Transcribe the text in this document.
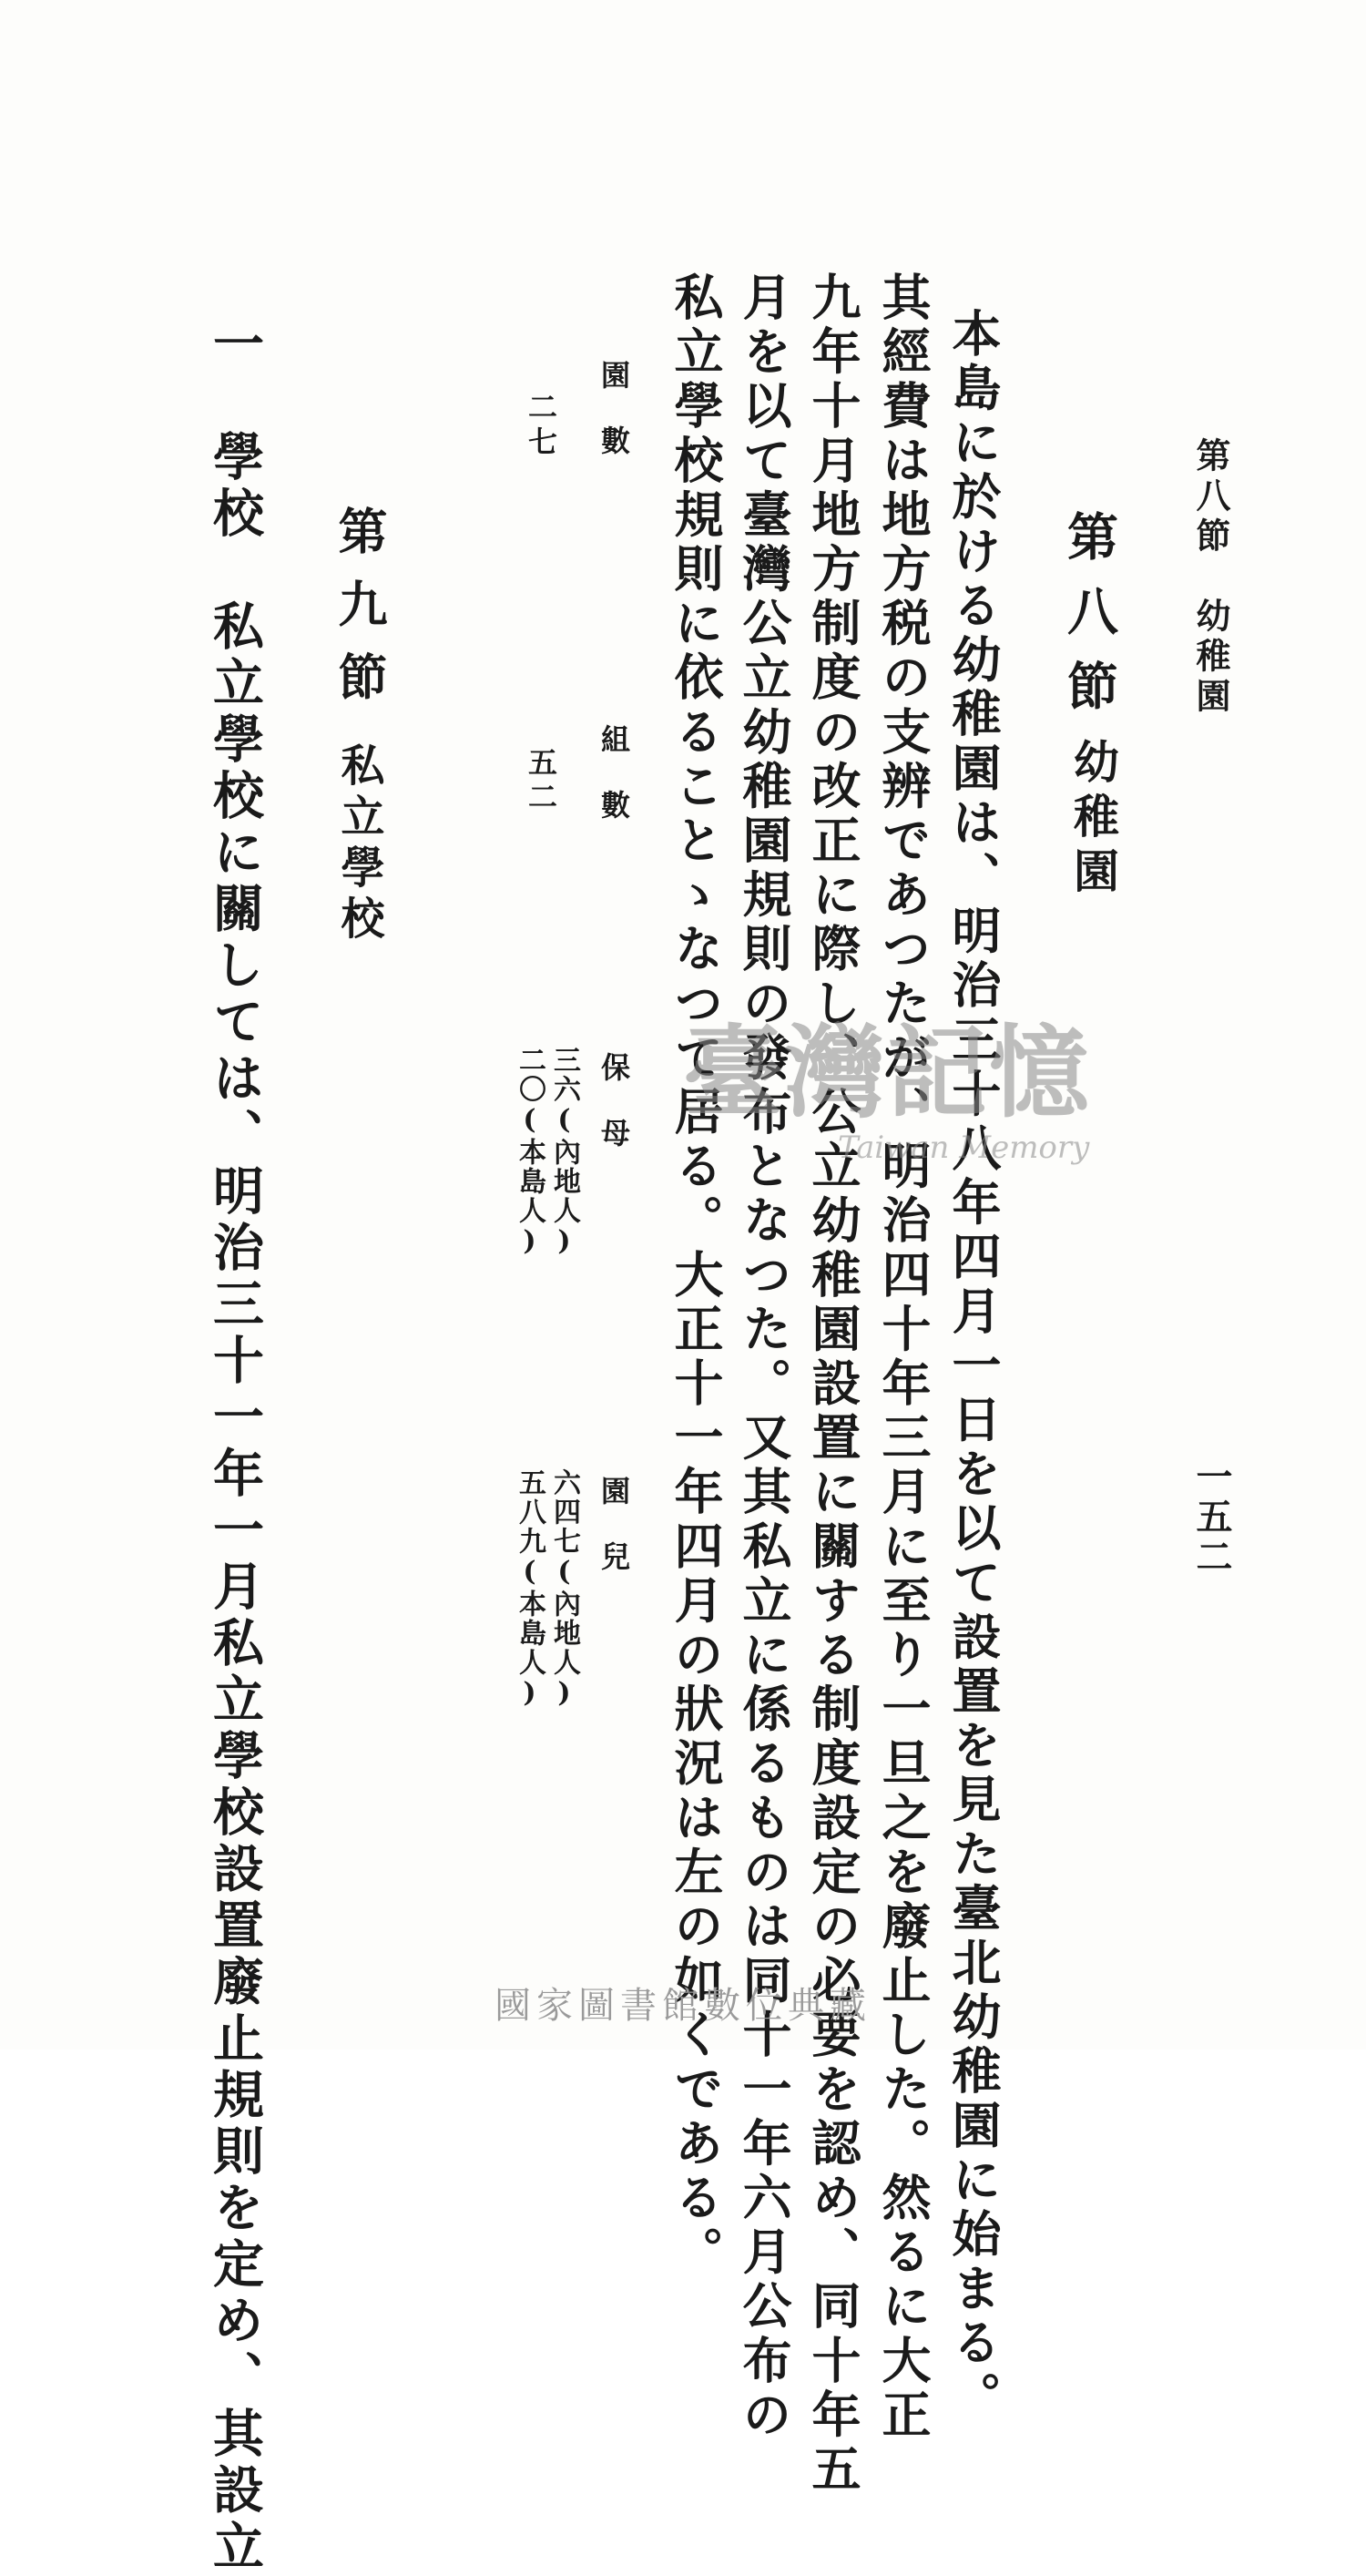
第八節　幼稚園
一五二
第八節
幼稚園
本島に於ける幼稚園は、明治三十八年四月一日を以て設置を見た臺北幼稚園に始まる。
其經費は地方税の支辨であつたが、明治四十年三月に至り一旦之を廢止した。然るに大正
九年十月地方制度の改正に際し、公立幼稚園設置に關する制度設定の必要を認め、同十年五
月を以て臺灣公立幼稚園規則の發布となつた。又其私立に係るものは同十一年六月公布の
私立學校規則に依ることゝなつて居る。大正十一年四月の狀況は左の如くである。
園數
組數
保母
園兒
二七
五二
三六(內地人)
二〇(本島人)
六四七(內地人)
五八九(本島人)
第九節
私立學校
一　學校　私立學校に關しては、明治三十一年一月私立學校設置廢止規則を定め、其設立	臺灣記憶
Taiwan Memory
國家圖書館數位典藏
